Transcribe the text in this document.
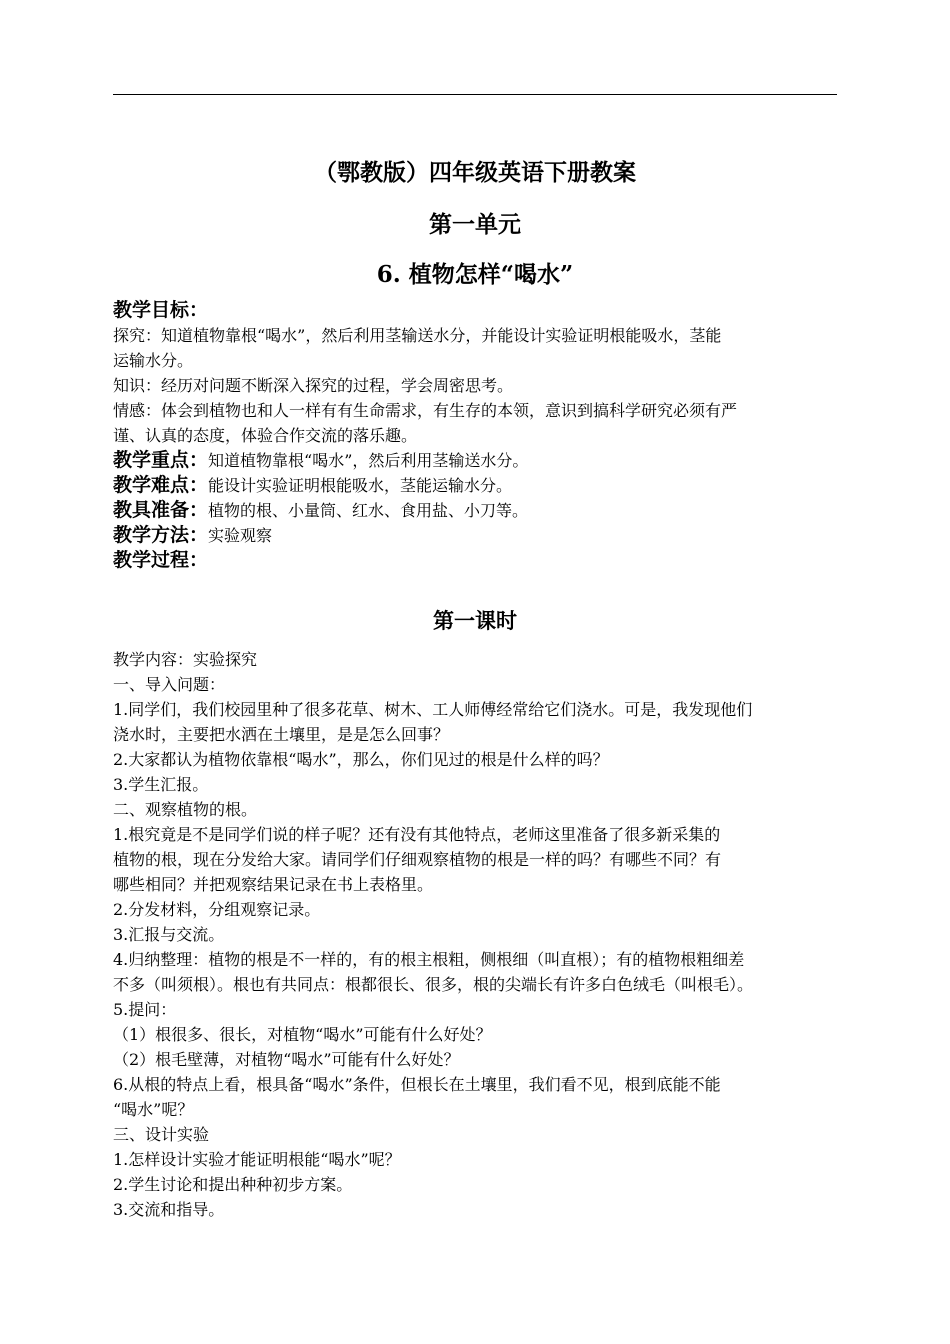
（鄂教版）四年级英语下册教案
第一单元
6. 植物怎样“喝水”
教学目标：
探究：知道植物靠根“喝水”，然后利用茎输送水分，并能设计实验证明根能吸水，茎能
运输水分。
知识：经历对问题不断深入探究的过程，学会周密思考。
情感：体会到植物也和人一样有有生命需求，有生存的本领，意识到搞科学研究必须有严
谨、认真的态度，体验合作交流的落乐趣。
教学重点：知道植物靠根“喝水”，然后利用茎输送水分。
教学难点：能设计实验证明根能吸水，茎能运输水分。
教具准备：植物的根、小量筒、红水、食用盐、小刀等。
教学方法：实验观察
教学过程：
第一课时
教学内容：实验探究
一、导入问题：
1.同学们，我们校园里种了很多花草、树木、工人师傅经常给它们浇水。可是，我发现他们
浇水时，主要把水洒在土壤里，是是怎么回事？
2.大家都认为植物依靠根“喝水”，那么，你们见过的根是什么样的吗？
3.学生汇报。
二、观察植物的根。
1.根究竟是不是同学们说的样子呢？还有没有其他特点，老师这里准备了很多新采集的
植物的根，现在分发给大家。请同学们仔细观察植物的根是一样的吗？有哪些不同？有
哪些相同？并把观察结果记录在书上表格里。
2.分发材料，分组观察记录。
3.汇报与交流。
4.归纳整理：植物的根是不一样的，有的根主根粗，侧根细（叫直根）；有的植物根粗细差
不多（叫须根）。根也有共同点：根都很长、很多，根的尖端长有许多白色绒毛（叫根毛）。
5.提问：
（1）根很多、很长，对植物“喝水”可能有什么好处？
（2）根毛壁薄，对植物“喝水”可能有什么好处？
6.从根的特点上看，根具备“喝水”条件，但根长在土壤里，我们看不见，根到底能不能
“喝水”呢？
三、设计实验
1.怎样设计实验才能证明根能“喝水”呢？
2.学生讨论和提出种种初步方案。
3.交流和指导。
